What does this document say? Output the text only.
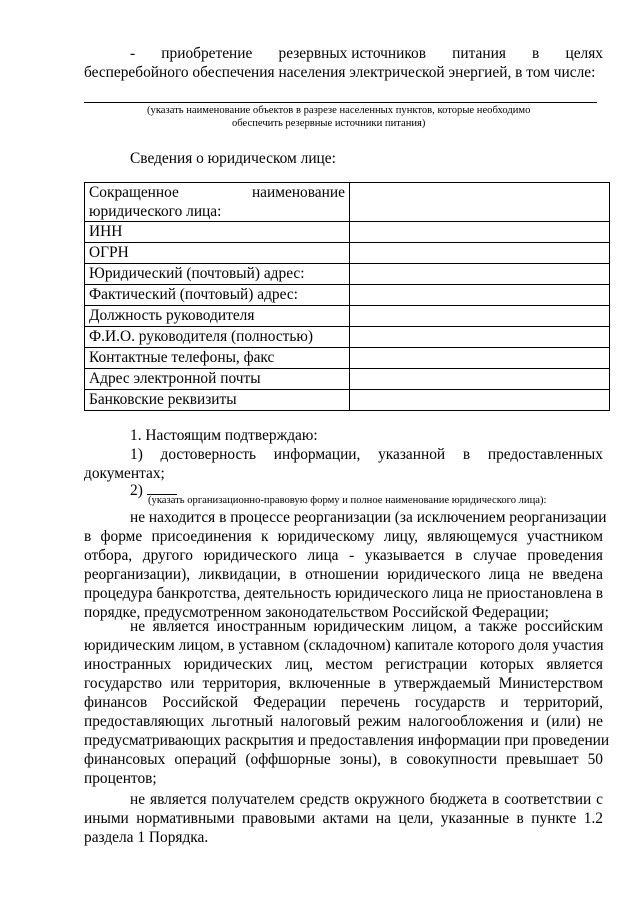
- приобретение резервных источников питания в целях
бесперебойного обеспечения населения электрической энергией, в том числе:
(указать наименование объектов в разрезе населенных пунктов, которые необходимо
обеспечить резервные источники питания)
Сведения о юридическом лице:
Сокращенное                   наименование
юридического лица:	

ИНН	
ОГРН	
Юридический (почтовый) адрес:	
Фактический (почтовый) адрес:	
Должность руководителя	
Ф.И.О. руководителя (полностью)	
Контактные телефоны, факс	
Адрес электронной почты	
Банковские реквизиты	
1. Настоящим подтверждаю:
1) достоверность информации, указанной в предоставленных
документах;
2)
(указать организационно-правовую форму и полное наименование юридического лица):
не находится в процессе реорганизации (за исключением реорганизации
в форме присоединения к юридическому лицу, являющемуся участником
отбора, другого юридического лица - указывается в случае проведения
реорганизации), ликвидации, в отношении юридического лица не введена
процедура банкротства, деятельность юридического лица не приостановлена в
порядке, предусмотренном законодательством Российской Федерации;
не является иностранным юридическим лицом, а также российским
юридическим лицом, в уставном (складочном) капитале которого доля участия
иностранных юридических лиц, местом регистрации которых является
государство или территория, включенные в утверждаемый Министерством
финансов Российской Федерации перечень государств и территорий,
предоставляющих льготный налоговый режим налогообложения и (или) не
предусматривающих раскрытия и предоставления информации при проведении
финансовых операций (оффшорные зоны), в совокупности превышает 50
процентов;
не является получателем средств окружного бюджета в соответствии с
иными нормативными правовыми актами на цели, указанные в пункте 1.2
раздела 1 Порядка.
